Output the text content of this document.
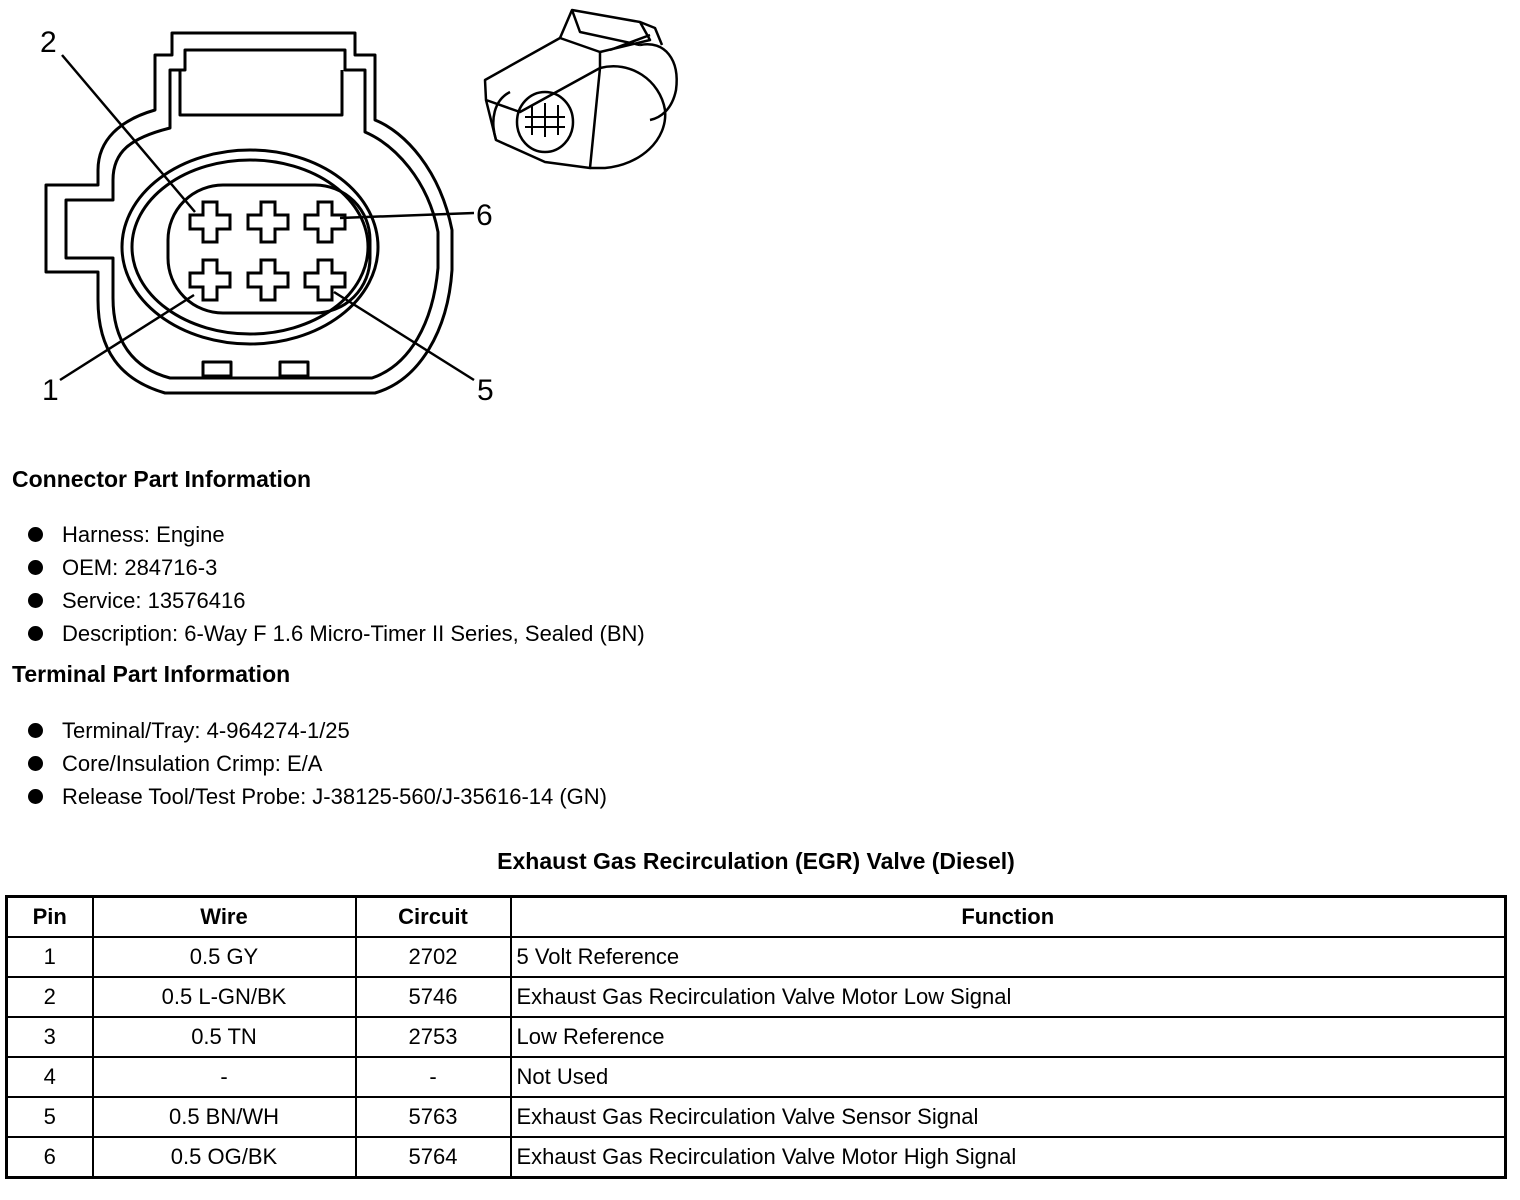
2
6
1	5
Connector Part Information
Harness: Engine
OEM: 284716-3
Service: 13576416
Description: 6-Way F 1.6 Micro-Timer II Series, Sealed (BN)
Terminal Part Information
Terminal/Tray: 4-964274-1/25
Core/Insulation Crimp: E/A
Release Tool/Test Probe: J-38125-560/J-35616-14 (GN)
Exhaust Gas Recirculation (EGR) Valve (Diesel)
Pin	Wire	Circuit	Function
1	0.5 GY	2702	5 Volt Reference
2	0.5 L-GN/BK	5746	Exhaust Gas Recirculation Valve Motor Low Signal
3	0.5 TN	2753	Low Reference
4	-	-	Not Used
5	0.5 BN/WH	5763	Exhaust Gas Recirculation Valve Sensor Signal
6	0.5 OG/BK	5764	Exhaust Gas Recirculation Valve Motor High Signal
